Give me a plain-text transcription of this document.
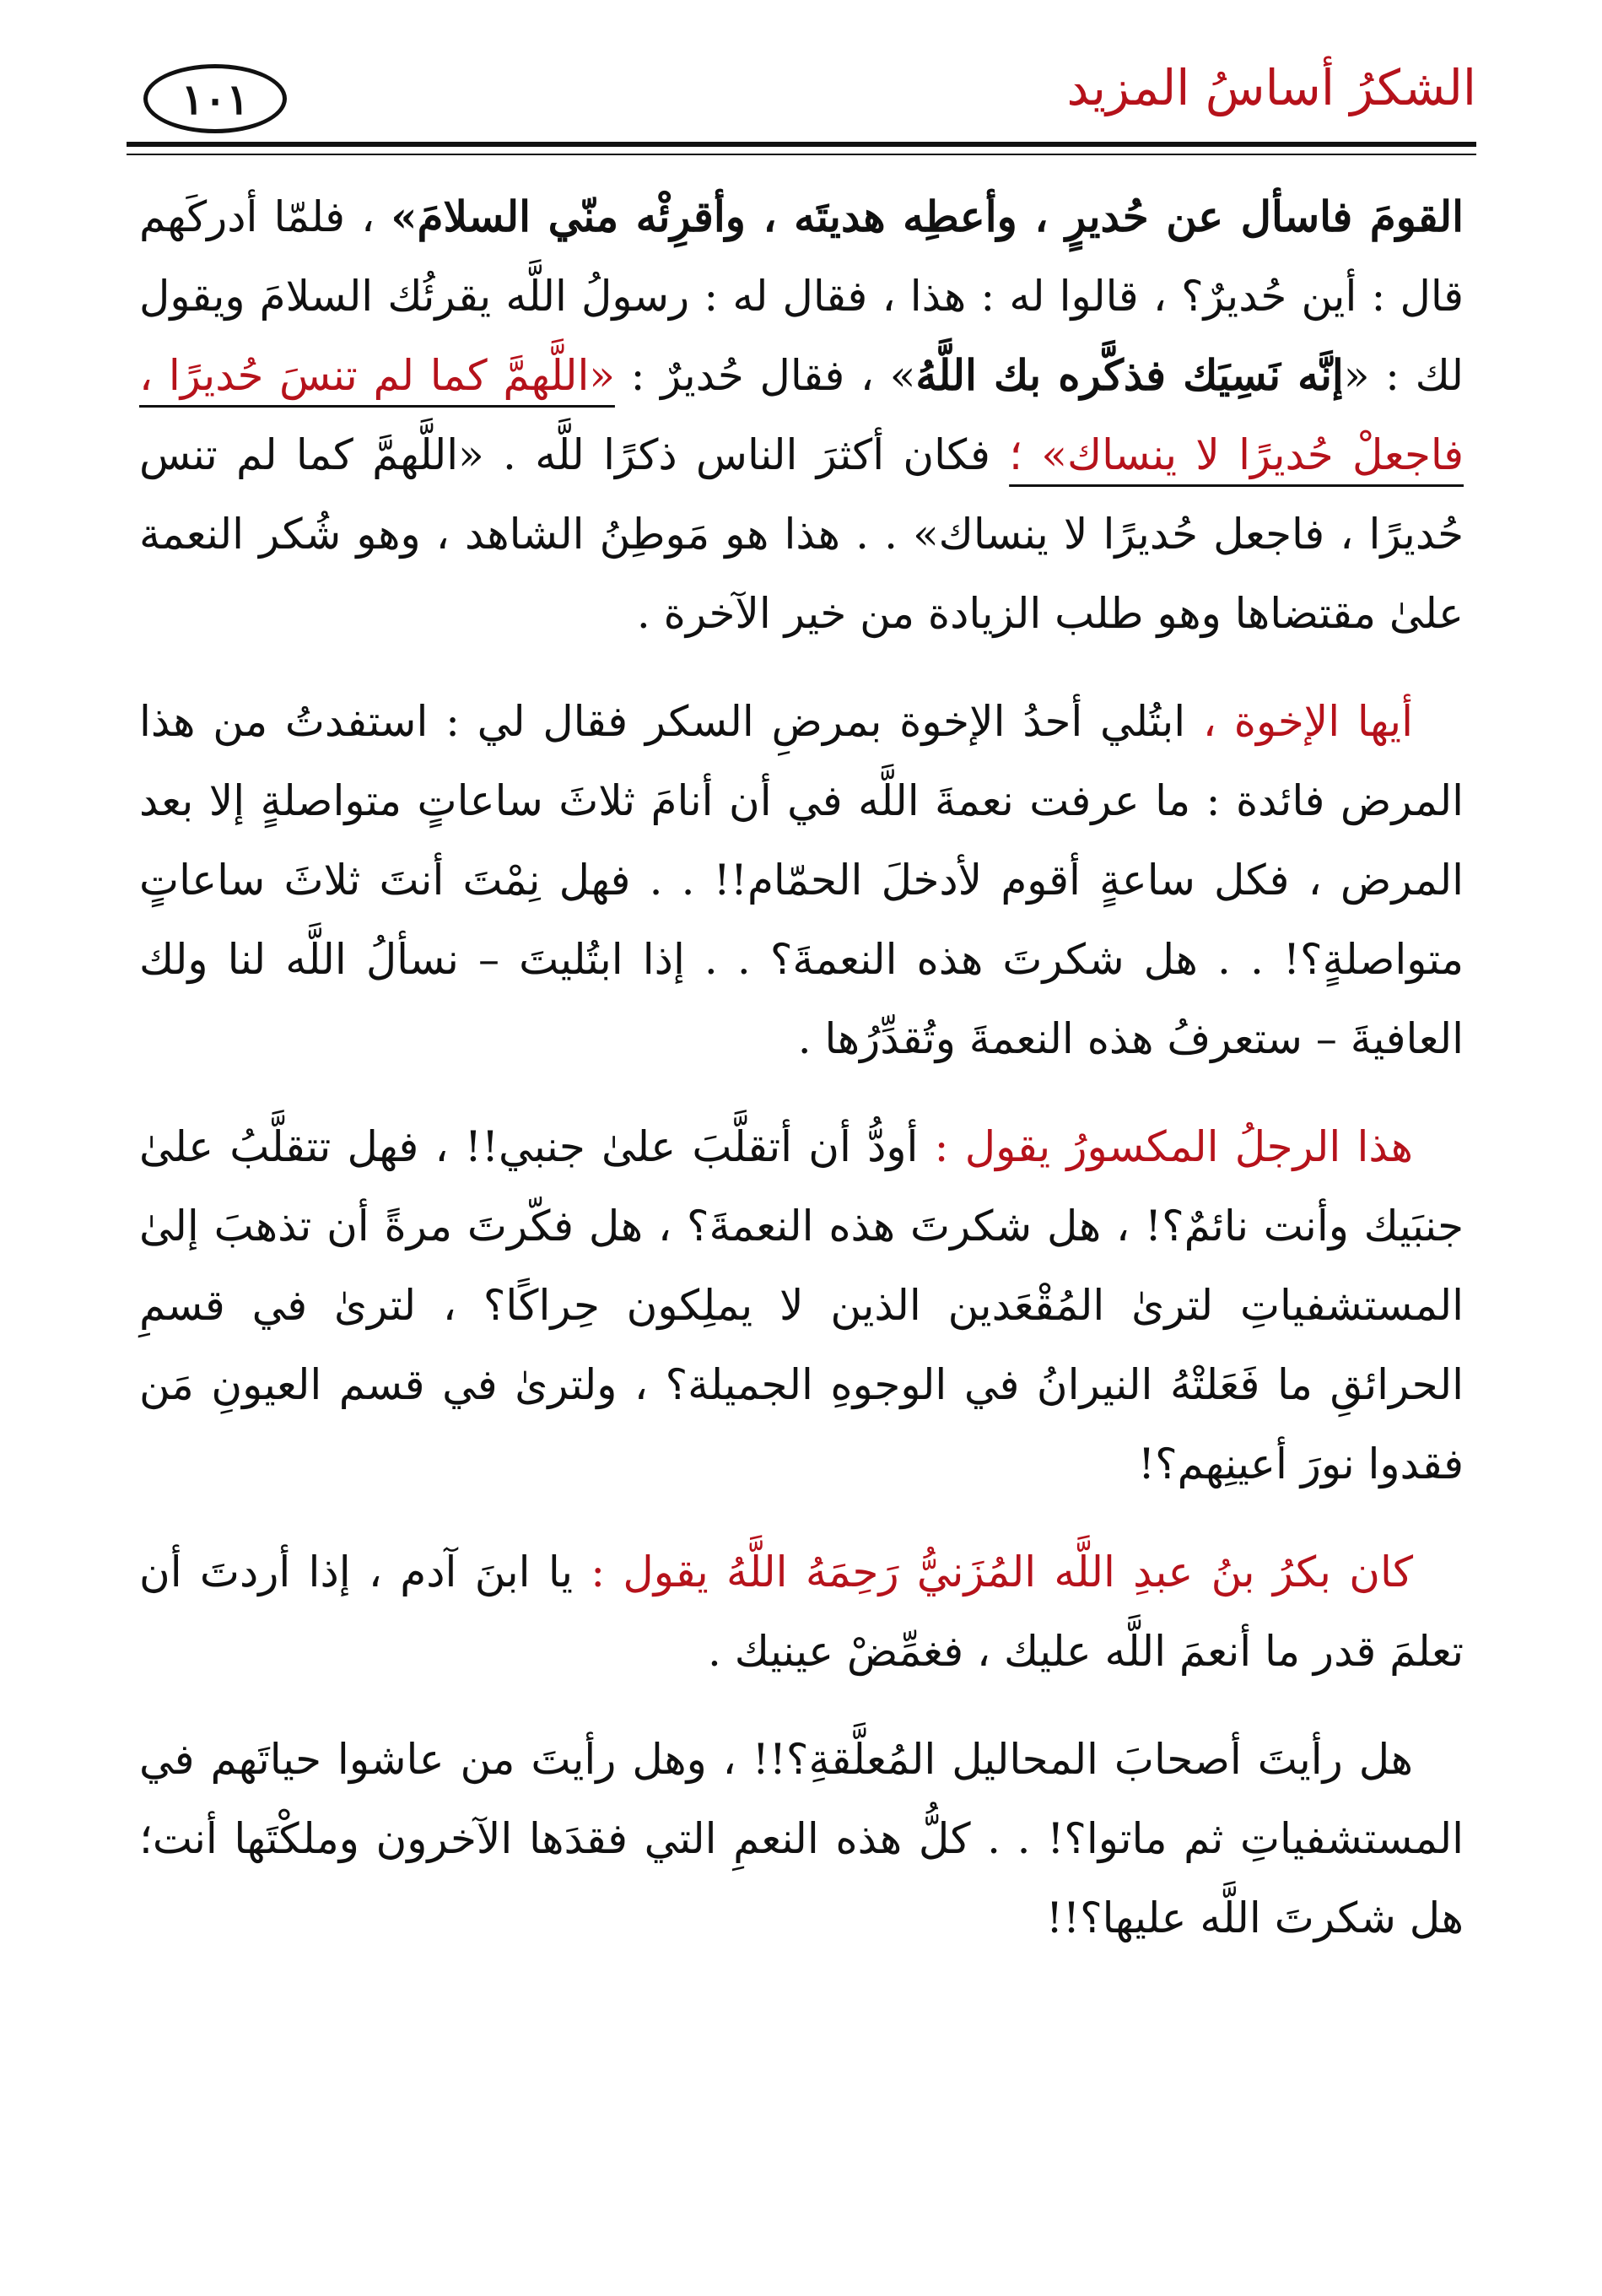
الشكرُ أساسُ المزيد
١٠١

القومَ فاسأل عن حُديرٍ ، وأعطِه هديتَه ، وأقرِئْه منّي السلامَ» ، فلمّا أدركَهم قال : أين حُديرٌ؟ ، قالوا له : هذا ، فقال له : رسولُ اللَّه يقرئُك السلامَ ويقول لك : «إنَّه نَسِيَك فذكَّره بك اللَّهُ» ، فقال حُديرٌ : «اللَّهمَّ كما لم تنسَ حُديرًا ، فاجعلْ حُديرًا لا ينساك» ؛ فكان أكثرَ الناس ذكرًا للَّه . «اللَّهمَّ كما لم تنس حُديرًا ، فاجعل حُديرًا لا ينساك» . . هذا هو مَوطِنُ الشاهد ، وهو شُكر النعمة علىٰ مقتضاها وهو طلب الزيادة من خير الآخرة .

أيها الإخوة ، ابتُلي أحدُ الإخوة بمرضِ السكر فقال لي : استفدتُ من هذا المرض فائدة : ما عرفت نعمةَ اللَّه في أن أنامَ ثلاثَ ساعاتٍ متواصلةٍ إلا بعد المرض ، فكل ساعةٍ أقوم لأدخلَ الحمّام!! . . فهل نِمْتَ أنتَ ثلاثَ ساعاتٍ متواصلةٍ؟! . . هل شكرتَ هذه النعمةَ؟ . . إذا ابتُليتَ – نسألُ اللَّه لنا ولك العافيةَ – ستعرفُ هذه النعمةَ وتُقدِّرُها .

هذا الرجلُ المكسورُ يقول : أودُّ أن أتقلَّبَ علىٰ جنبي!! ، فهل تتقلَّبُ علىٰ جنبَيك وأنت نائمٌ؟! ، هل شكرتَ هذه النعمةَ؟ ، هل فكّرتَ مرةً أن تذهبَ إلىٰ المستشفياتِ لترىٰ المُقْعَدين الذين لا يملِكون حِراكًا؟ ، لترىٰ في قسمِ الحرائقِ ما فَعَلتْهُ النيرانُ في الوجوهِ الجميلة؟ ، ولترىٰ في قسم العيونِ مَن فقدوا نورَ أعينِهم؟!

كان بكرُ بنُ عبدِ اللَّه المُزَنيُّ رَحِمَهُ اللَّهُ يقول : يا ابنَ آدم ، إذا أردتَ أن تعلمَ قدر ما أنعمَ اللَّه عليك ، فغمِّضْ عينيك .

هل رأيتَ أصحابَ المحاليل المُعلَّقةِ؟!! ، وهل رأيتَ من عاشوا حياتَهم في المستشفياتِ ثم ماتوا؟! . . كلُّ هذه النعمِ التي فقدَها الآخرون وملكْتَها أنت؛ هل شكرتَ اللَّه عليها؟!!
